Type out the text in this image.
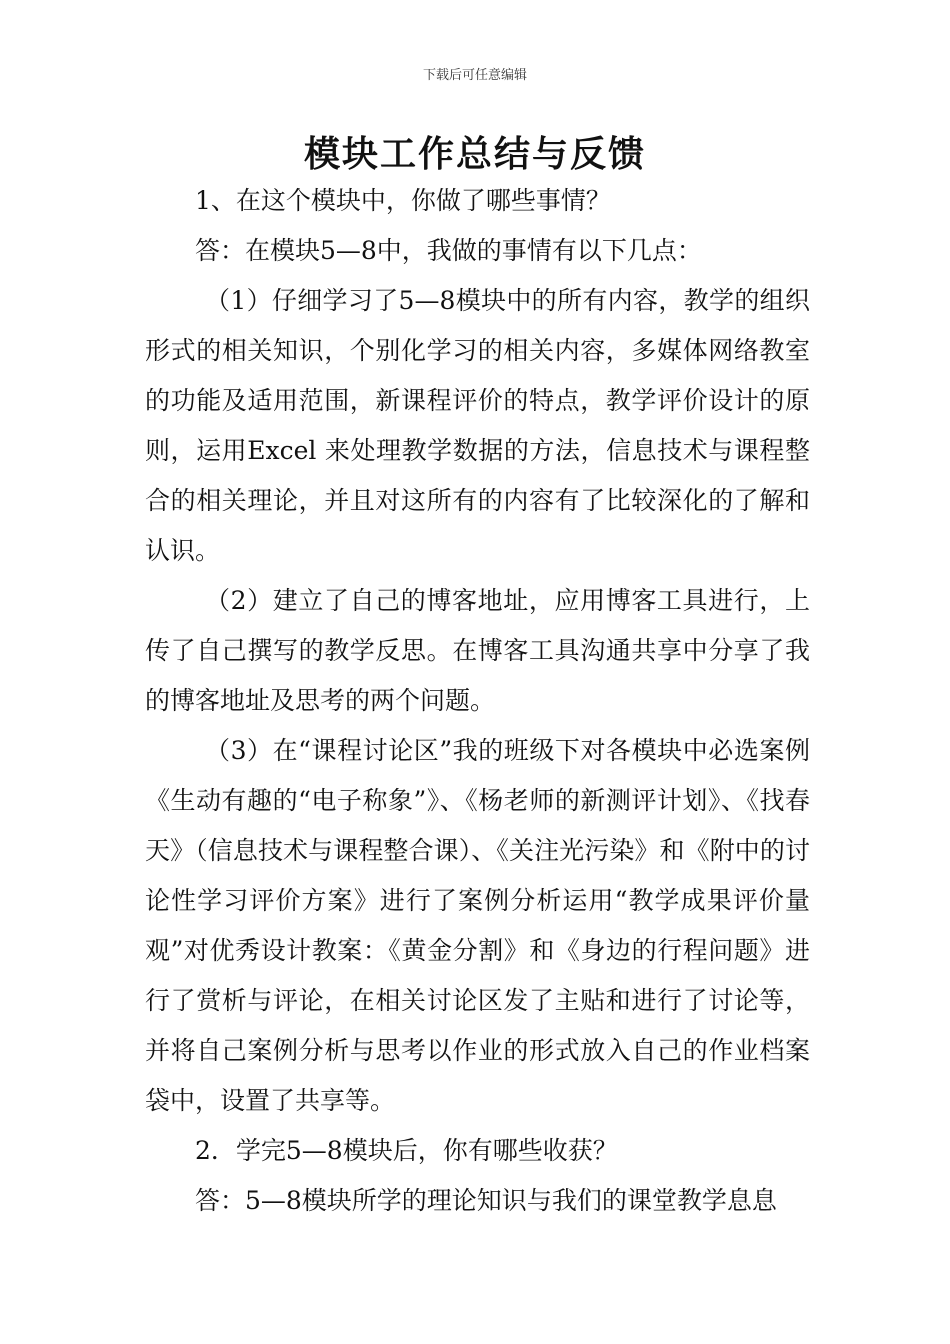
下载后可任意编辑
模块工作总结与反馈

1、在这个模块中，你做了哪些事情？

答：在模块5—8中，我做的事情有以下几点：

（1）仔细学习了5—8模块中的所有内容，教学的组织形式的相关知识，个别化学习的相关内容，多媒体网络教室的功能及适用范围，新课程评价的特点，教学评价设计的原则，运用Excel 来处理教学数据的方法，信息技术与课程整合的相关理论，并且对这所有的内容有了比较深化的了解和认识。

（2）建立了自己的博客地址，应用博客工具进行，上传了自己撰写的教学反思。在博客工具沟通共享中分享了我的博客地址及思考的两个问题。

（3）在“课程讨论区”我的班级下对各模块中必选案例《生动有趣的“电子称象”》、《杨老师的新测评计划》、《找春天》（信息技术与课程整合课）、《关注光污染》和《附中的讨论性学习评价方案》进行了案例分析运用“教学成果评价量观”对优秀设计教案：《黄金分割》和《身边的行程问题》进行了赏析与评论，在相关讨论区发了主贴和进行了讨论等，并将自己案例分析与思考以作业的形式放入自己的作业档案袋中，设置了共享等。

2．学完5—8模块后，你有哪些收获？

答：5—8模块所学的理论知识与我们的课堂教学息息
